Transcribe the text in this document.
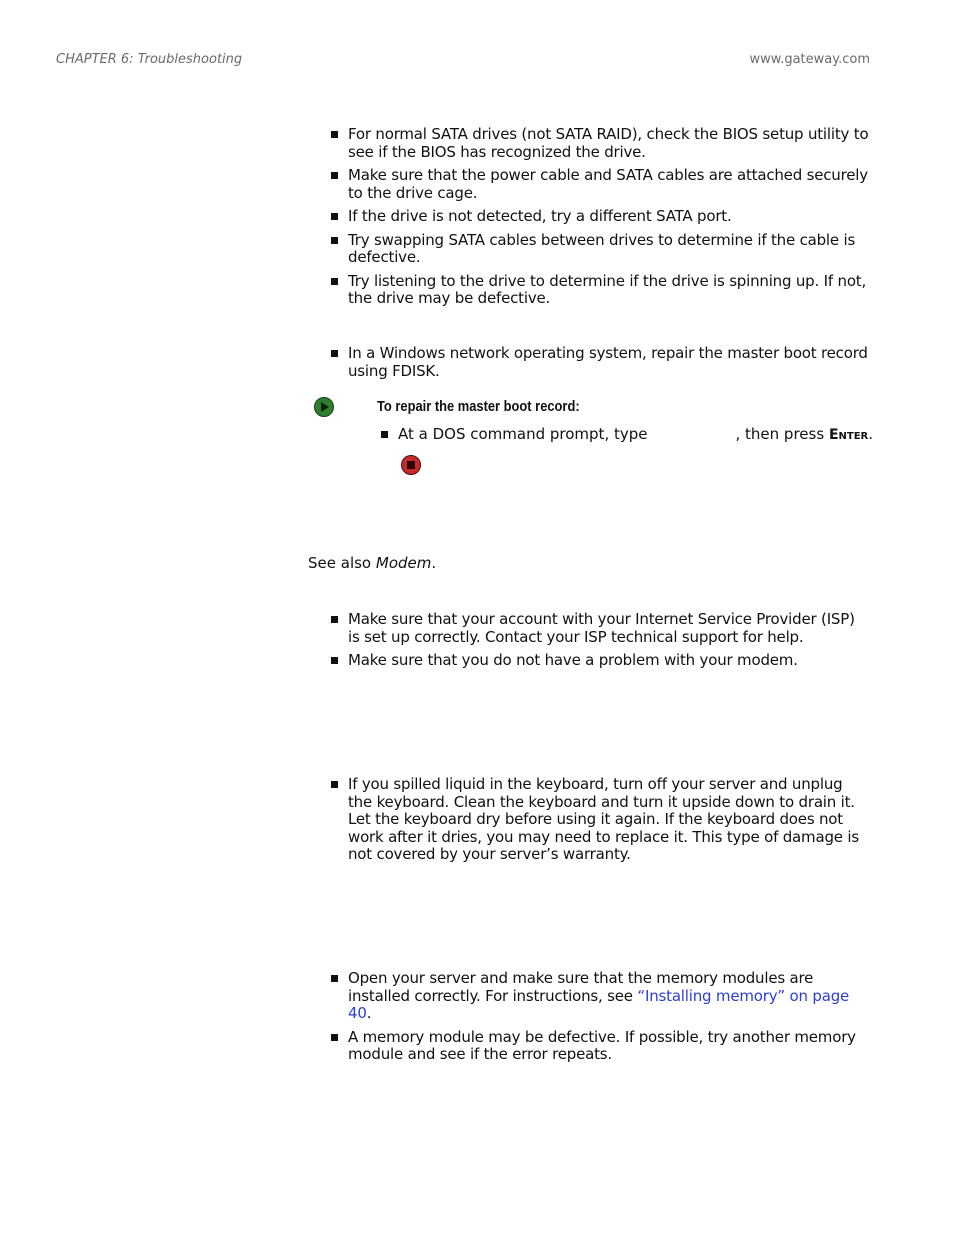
CHAPTER 6: Troubleshooting	www.gateway.com
For normal SATA drives (not SATA RAID), check the BIOS setup utility to see if the BIOS has recognized the drive.
Make sure that the power cable and SATA cables are attached securely to the drive cage.
If the drive is not detected, try a different SATA port.
Try swapping SATA cables between drives to determine if the cable is defective.
Try listening to the drive to determine if the drive is spinning up. If not, the drive may be defective.
In a Windows network operating system, repair the master boot record using FDISK.
To repair the master boot record:
At a DOS command prompt, type	, then press Enter.
See also Modem.
Make sure that your account with your Internet Service Provider (ISP) is set up correctly. Contact your ISP technical support for help.
Make sure that you do not have a problem with your modem.
If you spilled liquid in the keyboard, turn off your server and unplug the keyboard. Clean the keyboard and turn it upside down to drain it. Let the keyboard dry before using it again. If the keyboard does not work after it dries, you may need to replace it. This type of damage is not covered by your server’s warranty.
Open your server and make sure that the memory modules are installed correctly. For instructions, see “Installing memory” on page 40.
A memory module may be defective. If possible, try another memory module and see if the error repeats.
